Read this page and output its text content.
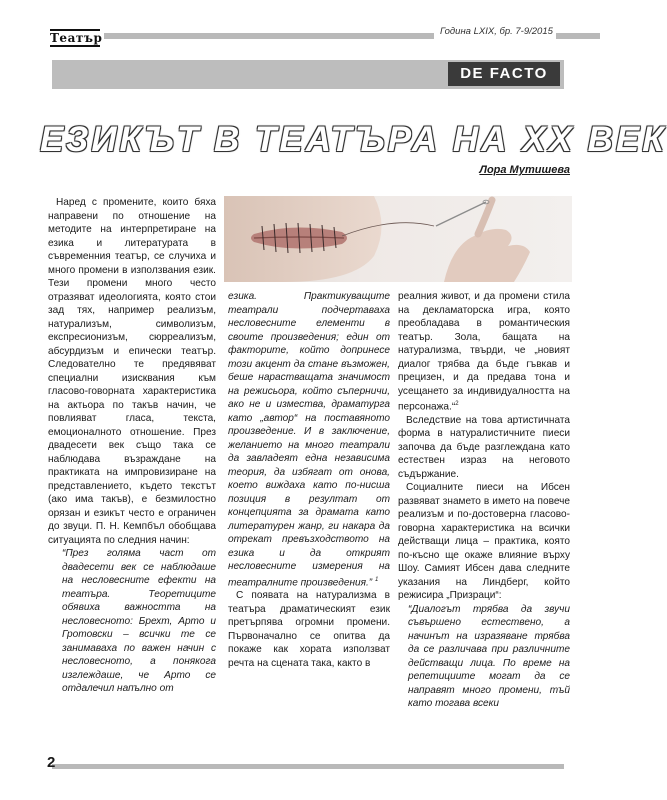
Театър	Година LXIX, бр. 7-9/2015
DE FACTO
ЕЗИКЪТ В ТЕАТЪРА НА ХХ ВЕК
Лора Мутишева

Наред с промените, които бяха направени по отношение на методите на интерпретиране на езика и литературата в съвременния театър, се случиха и много промени в използвания език. Тези промени много често отразяват идеологията, която стои зад тях, например реализъм, натурализъм, символизъм, експресионизъм, сюрреализъм, абсурдизъм и епически театър. Следователно те предявяват специални изисквания към гласово-говорната характеристика на актьора по такъв начин, че повлияват гласа, текста, емоционалното отношение. През двадесети век също така се наблюдава възраждане на практиката на импровизиране на представлението, където текстът (ако има такъв), е безмилостно орязан и езикът често е ограничен до звуци. П. Н. Кемпбъл обобщава ситуацията по следния начин:

“През голяма част от двадесети век се наблюдаше на несловесните ефекти на театъра. Теоретиците обявиха важността на несловесното: Брехт, Арто и Гротовски – всички те се занимаваха по важен начин с несловесното, а понякога изглеждаше, че Арто се отдалечил напълно от

езика. Практикуващите театрали подчертаваха несловесните елементи в своите произведения; един от факторите, който допринесе този акцент да стане възможен, беше нарастващата значимост на режисьора, който съперничи, ако не и измества, драматурга като „автор“ на поставяното произведение. И в заключение, желанието на много театрали да завладеят една независима теория, да избягат от онова, което виждаха като по-нисша позиция в резултат от концепцията за драмата като литературен жанр, ги накара да отрекат превъзходството на езика и да открият несловесните измерения на театралните произведения.” $^1$

С появата на натурализма в театъра драматическият език претърпява огромни промени. Първоначално се опитва да покаже как хората използват речта на сцената така, както в

реалния живот, и да промени стила на декламаторска игра, която преобладава в романтическия театър. Зола, бащата на натурализма, твърди, че „новият диалог трябва да бъде гъвкав и прецизен, и да предава тона и усещането за индивидуалността на персонажа.“$^2$

Вследствие на това артистичната форма в натуралистичните пиеси започва да бъде разглеждана като естествен израз на неговото съдържание.

Социалните пиеси на Ибсен развяват знамето в името на повече реализъм и по-достоверна гласово-говорна характеристика на всички действащи лица – практика, която по-късно ще окаже влияние върху Шоу. Самият Ибсен дава следните указания на Линдберг, който режисира „Призраци“:

“Диалогът трябва да звучи съвършено естествено, а начинът на изразяване трябва да се различава при различните действащи лица. По време на репетициите могат да се направят много промени, тъй като тогава всеки

2
